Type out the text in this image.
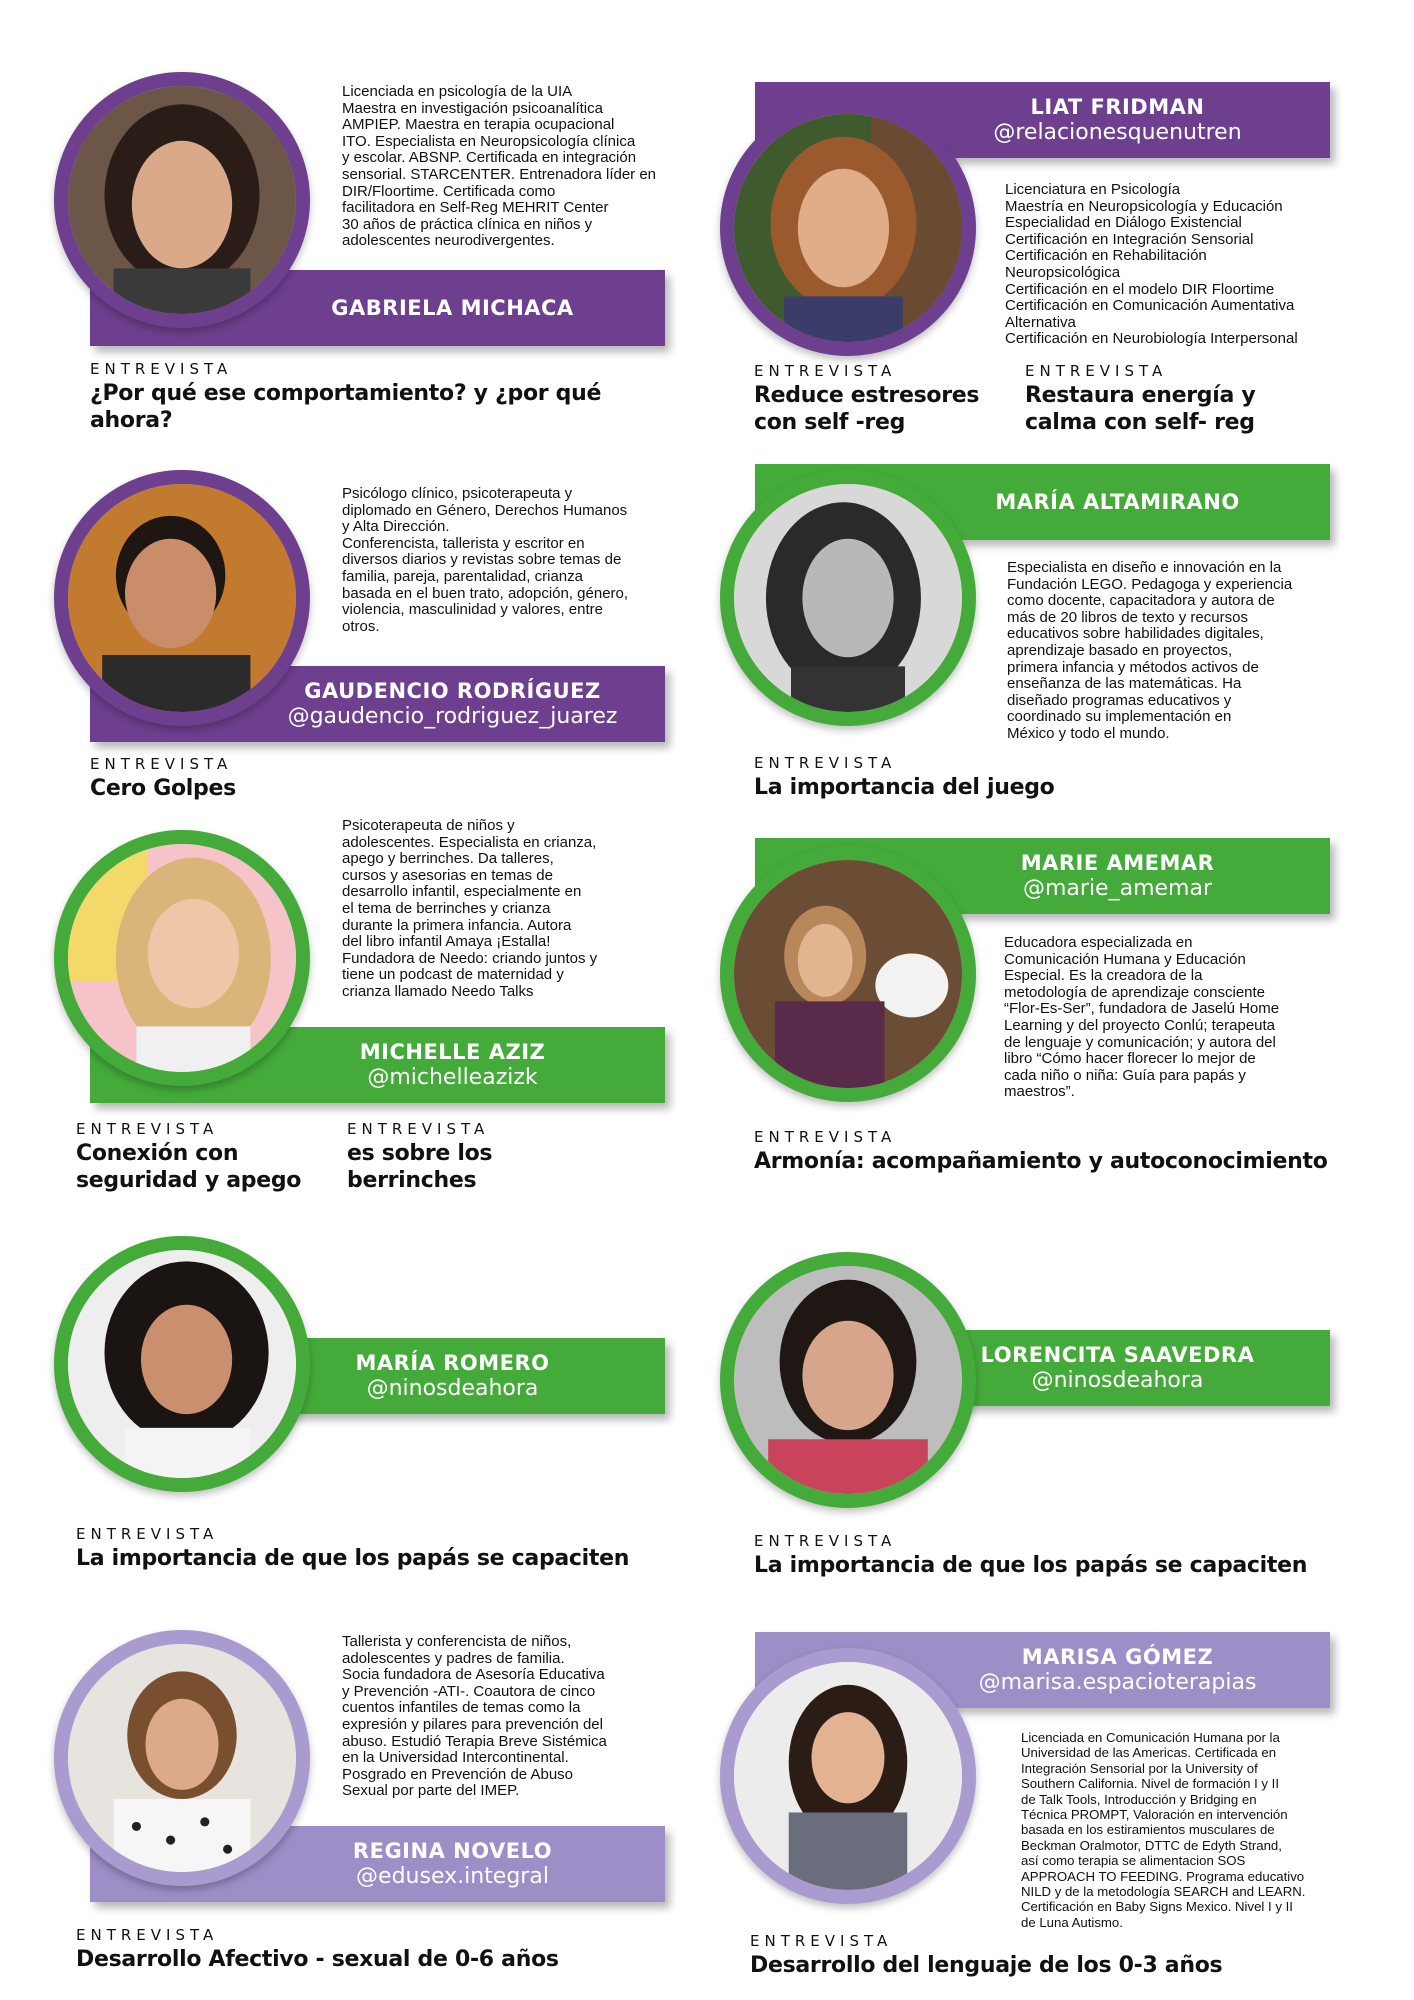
GABRIELA MICHACA
Licenciada en psicología de la UIA
Maestra en investigación psicoanalítica
AMPIEP. Maestra en terapia ocupacional
ITO. Especialista en Neuropsicología clínica
y escolar. ABSNP. Certificada en integración
sensorial. STARCENTER. Entrenadora líder en
DIR/Floortime. Certificada como
facilitadora en Self-Reg MEHRIT Center
30 años de práctica clínica en niños y
adolescentes neurodivergentes.
ENTREVISTA
¿Por qué ese comportamiento? y ¿por qué ahora?
LIAT FRIDMAN
@relacionesquenutren
Licenciatura en Psicología
Maestría en Neuropsicología y Educación
Especialidad en Diálogo Existencial
Certificación en Integración Sensorial
Certificación en Rehabilitación
Neuropsicológica
Certificación en el modelo DIR Floortime
Certificación en Comunicación Aumentativa
Alternativa
Certificación en Neurobiología Interpersonal
ENTREVISTA
Reduce estresores con self -reg
ENTREVISTA
Restaura energía y calma con self- reg
GAUDENCIO RODRÍGUEZ
@gaudencio_rodriguez_juarez
Psicólogo clínico, psicoterapeuta y
diplomado en Género, Derechos Humanos
y Alta Dirección.
Conferencista, tallerista y escritor en
diversos diarios y revistas sobre temas de
familia, pareja, parentalidad, crianza
basada en el buen trato, adopción, género,
violencia, masculinidad y valores, entre
otros.
ENTREVISTA
Cero Golpes
MARÍA ALTAMIRANO
Especialista en diseño e innovación en la
Fundación LEGO. Pedagoga y experiencia
como docente, capacitadora y autora de
más de 20 libros de texto y recursos
educativos sobre habilidades digitales,
aprendizaje basado en proyectos,
primera infancia y métodos activos de
enseñanza de las matemáticas. Ha
diseñado programas educativos y
coordinado su implementación en
México y todo el mundo.
ENTREVISTA
La importancia del juego
MICHELLE AZIZ
@michelleazizk
Psicoterapeuta de niños y
adolescentes. Especialista en crianza,
apego y berrinches. Da talleres,
cursos y asesorias en temas de
desarrollo infantil, especialmente en
el tema de berrinches y crianza
durante la primera infancia. Autora
del libro infantil Amaya ¡Estalla!
Fundadora de Needo: criando juntos y
tiene un podcast de maternidad y
crianza llamado Needo Talks
ENTREVISTA
Conexión con seguridad y apego
ENTREVISTA
es sobre los berrinches
MARIE AMEMAR
@marie_amemar
Educadora especializada en
Comunicación Humana y Educación
Especial. Es la creadora de la
metodología de aprendizaje consciente
“Flor-Es-Ser”, fundadora de Jaselú Home
Learning y del proyecto Conlú; terapeuta
de lenguaje y comunicación; y autora del
libro “Cómo hacer florecer lo mejor de
cada niño o niña: Guía para papás y
maestros”.
ENTREVISTA
Armonía: acompañamiento y autoconocimiento
MARÍA ROMERO
@ninosdeahora
ENTREVISTA
La importancia de que los papás se capaciten
LORENCITA SAAVEDRA
@ninosdeahora
ENTREVISTA
La importancia de que los papás se capaciten
REGINA NOVELO
@edusex.integral
Tallerista y conferencista de niños,
adolescentes y padres de familia.
Socia fundadora de Asesoría Educativa
y Prevención -ATI-. Coautora de cinco
cuentos infantiles de temas como la
expresión y pilares para prevención del
abuso. Estudió Terapia Breve Sistémica
en la Universidad Intercontinental.
Posgrado en Prevención de Abuso
Sexual por parte del IMEP.
ENTREVISTA
Desarrollo Afectivo - sexual de 0-6 años
MARISA GÓMEZ
@marisa.espacioterapias
Licenciada en Comunicación Humana por la
Universidad de las Americas. Certificada en
Integración Sensorial por la University of
Southern California. Nivel de formación I y II
de Talk Tools, Introducción y Bridging en
Técnica PROMPT, Valoración en intervención
basada en los estiramientos musculares de
Beckman Oralmotor, DTTC de Edyth Strand,
así como terapia se alimentacion SOS
APPROACH TO FEEDING. Programa educativo
NILD y de la metodología SEARCH and LEARN.
Certificación en Baby Signs Mexico. Nivel I y II
de Luna Autismo.
ENTREVISTA
Desarrollo del lenguaje de los 0-3 años
